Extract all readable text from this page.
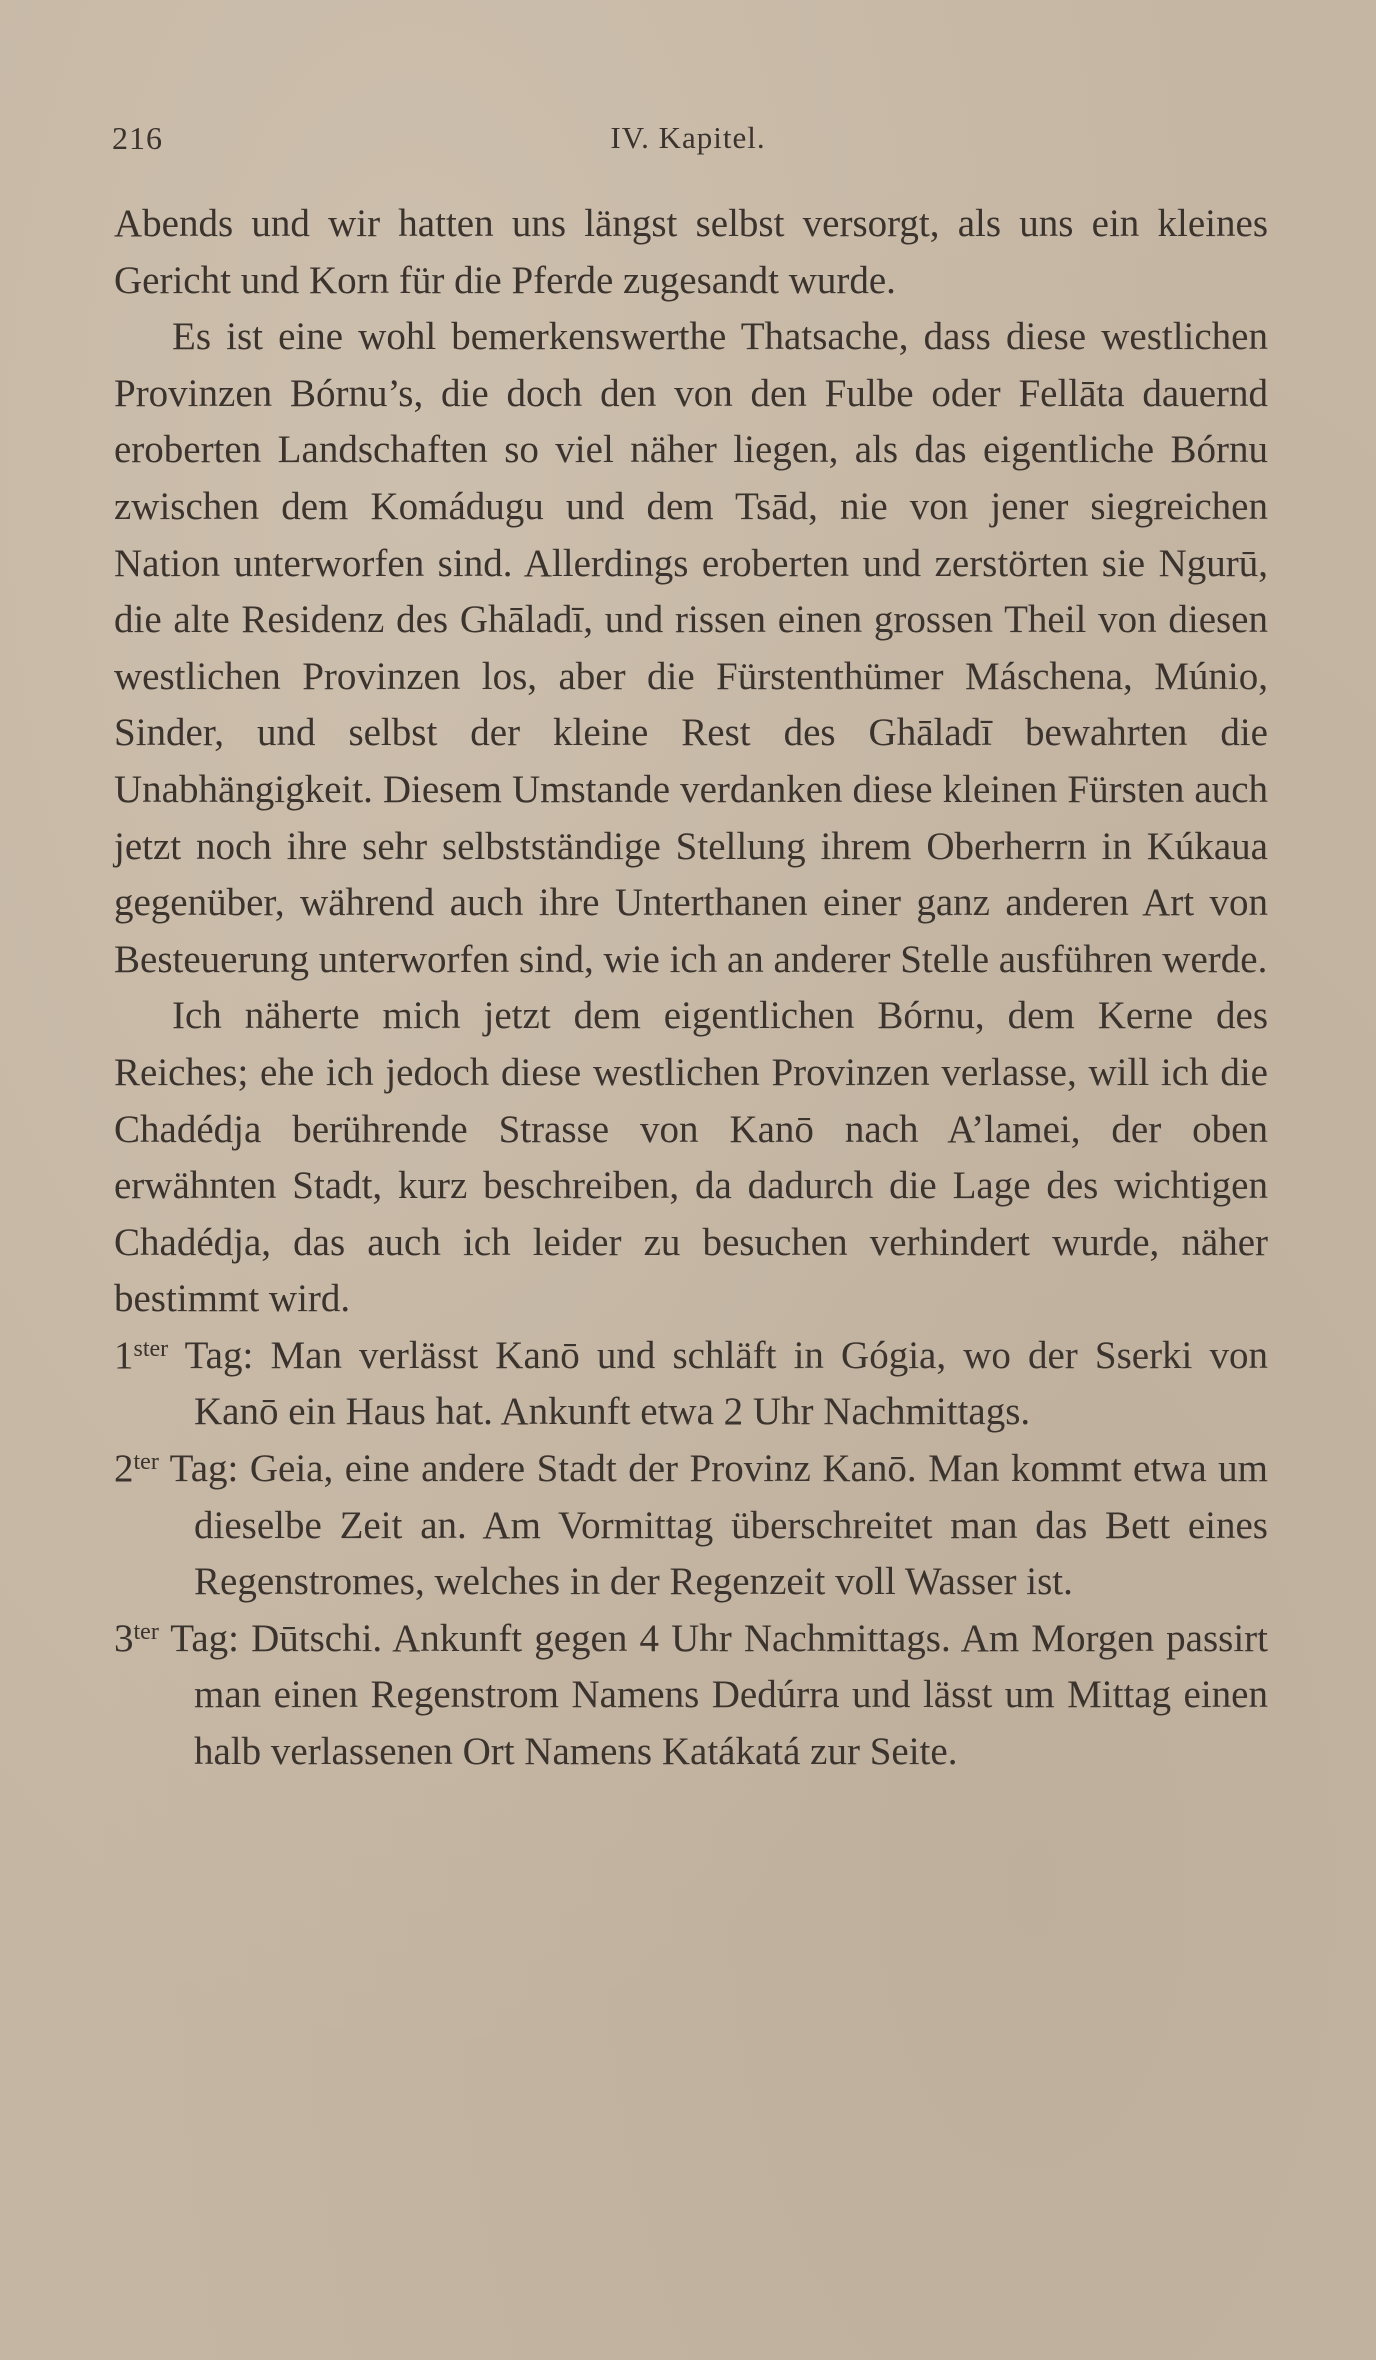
216	IV. Kapitel.

Abends und wir hatten uns längst selbst versorgt, als uns ein kleines Gericht und Korn für die Pferde zugesandt wurde.

Es ist eine wohl bemerkenswerthe Thatsache, dass diese westlichen Provinzen Bórnu’s, die doch den von den Fulbe oder Fellāta dauernd eroberten Landschaften so viel näher liegen, als das eigentliche Bórnu zwischen dem Komádugu und dem Tsād, nie von jener siegreichen Nation unterworfen sind. Allerdings eroberten und zerstörten sie Ngurū, die alte Residenz des Ghāladī, und rissen einen grossen Theil von diesen westlichen Provinzen los, aber die Fürstenthümer Máschena, Múnio, Sinder, und selbst der kleine Rest des Ghāladī bewahrten die Unabhängigkeit. Diesem Umstande verdanken diese kleinen Fürsten auch jetzt noch ihre sehr selbstständige Stellung ihrem Oberherrn in Kúkaua gegenüber, während auch ihre Unterthanen einer ganz anderen Art von Besteuerung unterworfen sind, wie ich an anderer Stelle ausführen werde.

Ich näherte mich jetzt dem eigentlichen Bórnu, dem Kerne des Reiches; ehe ich jedoch diese westlichen Provinzen verlasse, will ich die Chadédja berührende Strasse von Kanō nach A’lamei, der oben erwähnten Stadt, kurz beschreiben, da dadurch die Lage des wichtigen Chadédja, das auch ich leider zu besuchen verhindert wurde, näher bestimmt wird.

$1^{ster}$ Tag: Man verlässt Kanō und schläft in Gógia, wo der Sserki von Kanō ein Haus hat. Ankunft etwa 2 Uhr Nachmittags.

$2^{ter}$ Tag: Geia, eine andere Stadt der Provinz Kanō. Man kommt etwa um dieselbe Zeit an. Am Vormittag überschreitet man das Bett eines Regenstromes, welches in der Regenzeit voll Wasser ist.

$3^{ter}$ Tag: Dūtschi. Ankunft gegen 4 Uhr Nachmittags. Am Morgen passirt man einen Regenstrom Namens Dedúrra und lässt um Mittag einen halb verlassenen Ort Namens Katákatá zur Seite.
